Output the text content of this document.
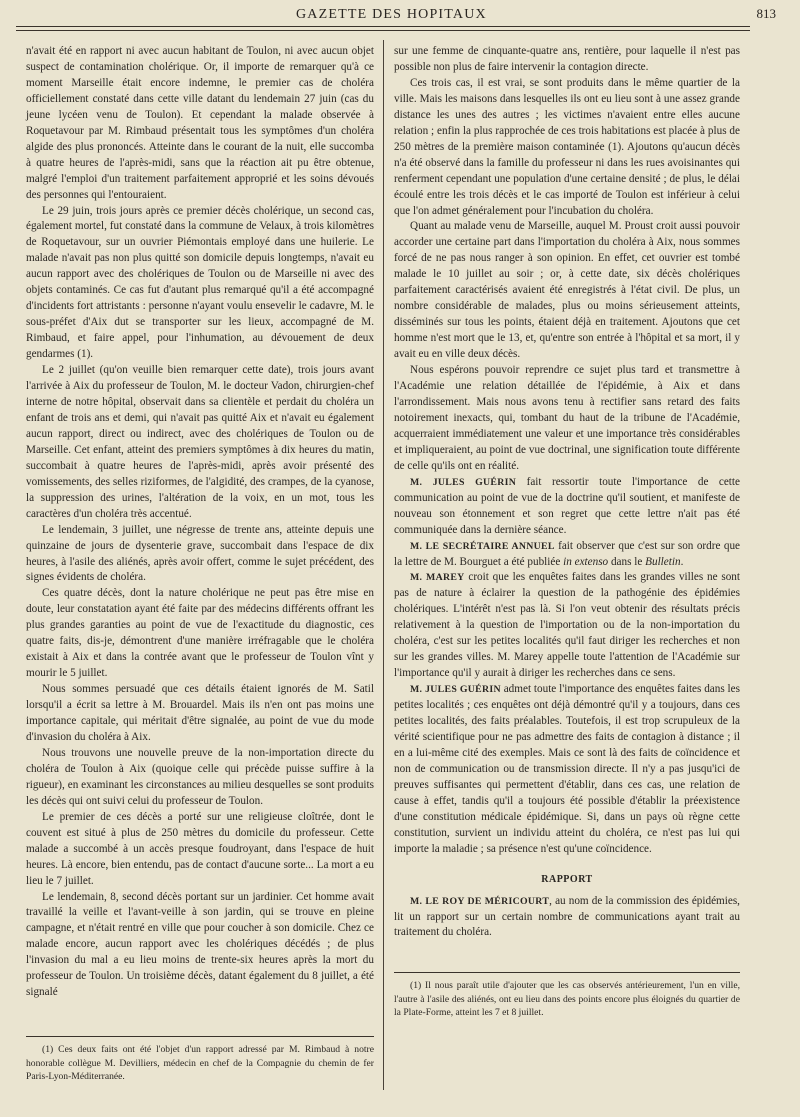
GAZETTE DES HOPITAUX	813

n'avait été en rapport ni avec aucun habitant de Toulon, ni avec aucun objet suspect de contamination cholérique. Or, il importe de remarquer qu'à ce moment Marseille était encore indemne, le premier cas de choléra officiellement constaté dans cette ville datant du lendemain 27 juin (cas du jeune lycéen venu de Toulon). Et cependant la malade observée à Roquetavour par M. Rimbaud présentait tous les symptômes d'un choléra algide des plus prononcés. Atteinte dans le courant de la nuit, elle succomba à quatre heures de l'après-midi, sans que la réaction ait pu être obtenue, malgré l'emploi d'un traitement parfaitement approprié et les soins dévoués des personnes qui l'entouraient.

Le 29 juin, trois jours après ce premier décès cholérique, un second cas, également mortel, fut constaté dans la commune de Velaux, à trois kilomètres de Roquetavour, sur un ouvrier Piémontais employé dans une huilerie. Le malade n'avait pas non plus quitté son domicile depuis longtemps, n'avait eu aucun rapport avec des cholériques de Toulon ou de Marseille ni avec des objets contaminés. Ce cas fut d'autant plus remarqué qu'il a été accompagné d'incidents fort attristants : personne n'ayant voulu ensevelir le cadavre, M. le sous-préfet d'Aix dut se transporter sur les lieux, accompagné de M. Rimbaud, et faire appel, pour l'inhumation, au dévouement de deux gendarmes (1).

Le 2 juillet (qu'on veuille bien remarquer cette date), trois jours avant l'arrivée à Aix du professeur de Toulon, M. le docteur Vadon, chirurgien-chef interne de notre hôpital, observait dans sa clientèle et perdait du choléra un enfant de trois ans et demi, qui n'avait pas quitté Aix et n'avait eu également aucun rapport, direct ou indirect, avec des cholériques de Toulon ou de Marseille. Cet enfant, atteint des premiers symptômes à dix heures du matin, succombait à quatre heures de l'après-midi, après avoir présenté des vomissements, des selles riziformes, de l'algidité, des crampes, de la cyanose, la suppression des urines, l'altération de la voix, en un mot, tous les caractères d'un choléra très accentué.

Le lendemain, 3 juillet, une négresse de trente ans, atteinte depuis une quinzaine de jours de dysenterie grave, succombait dans l'espace de dix heures, à l'asile des aliénés, après avoir offert, comme le sujet précédent, des signes évidents de choléra.

Ces quatre décès, dont la nature cholérique ne peut pas être mise en doute, leur constatation ayant été faite par des médecins différents offrant les plus grandes garanties au point de vue de l'exactitude du diagnostic, ces quatre faits, dis-je, démontrent d'une manière irréfragable que le choléra existait à Aix et dans la contrée avant que le professeur de Toulon vînt y mourir le 5 juillet.

Nous sommes persuadé que ces détails étaient ignorés de M. Satil lorsqu'il a écrit sa lettre à M. Brouardel. Mais ils n'en ont pas moins une importance capitale, qui méritait d'être signalée, au point de vue du mode d'invasion du choléra à Aix.

Nous trouvons une nouvelle preuve de la non-importation directe du choléra de Toulon à Aix (quoique celle qui précède puisse suffire à la rigueur), en examinant les circonstances au milieu desquelles se sont produits les décès qui ont suivi celui du professeur de Toulon.

Le premier de ces décès a porté sur une religieuse cloîtrée, dont le couvent est situé à plus de 250 mètres du domicile du professeur. Cette malade a succombé à un accès presque foudroyant, dans l'espace de huit heures. Là encore, bien entendu, pas de contact d'aucune sorte... La mort a eu lieu le 7 juillet.

Le lendemain, 8, second décès portant sur un jardinier. Cet homme avait travaillé la veille et l'avant-veille à son jardin, qui se trouve en pleine campagne, et n'était rentré en ville que pour coucher à son domicile. Chez ce malade encore, aucun rapport avec les cholériques décédés ; de plus l'invasion du mal a eu lieu moins de trente-six heures après la mort du professeur de Toulon. Un troisième décès, datant également du 8 juillet, a été signalé

(1) Ces deux faits ont été l'objet d'un rapport adressé par M. Rimbaud à notre honorable collègue M. Devilliers, médecin en chef de la Compagnie du chemin de fer Paris-Lyon-Méditerranée.

sur une femme de cinquante-quatre ans, rentière, pour laquelle il n'est pas possible non plus de faire intervenir la contagion directe.

Ces trois cas, il est vrai, se sont produits dans le même quartier de la ville. Mais les maisons dans lesquelles ils ont eu lieu sont à une assez grande distance les unes des autres ; les victimes n'avaient entre elles aucune relation ; enfin la plus rapprochée de ces trois habitations est placée à plus de 250 mètres de la première maison contaminée (1). Ajoutons qu'aucun décès n'a été observé dans la famille du professeur ni dans les rues avoisinantes qui renferment cependant une population d'une certaine densité ; de plus, le délai écoulé entre les trois décès et le cas importé de Toulon est inférieur à celui que l'on admet généralement pour l'incubation du choléra.

Quant au malade venu de Marseille, auquel M. Proust croit aussi pouvoir accorder une certaine part dans l'importation du choléra à Aix, nous sommes forcé de ne pas nous ranger à son opinion. En effet, cet ouvrier est tombé malade le 10 juillet au soir ; or, à cette date, six décès cholériques parfaitement caractérisés avaient été enregistrés à l'état civil. De plus, un nombre considérable de malades, plus ou moins sérieusement atteints, disséminés sur tous les points, étaient déjà en traitement. Ajoutons que cet homme n'est mort que le 13, et, qu'entre son entrée à l'hôpital et sa mort, il y avait eu en ville deux décès.

Nous espérons pouvoir reprendre ce sujet plus tard et transmettre à l'Académie une relation détaillée de l'épidémie, à Aix et dans l'arrondissement. Mais nous avons tenu à rectifier sans retard des faits notoirement inexacts, qui, tombant du haut de la tribune de l'Académie, acquerraient immédiatement une valeur et une importance très considérables et impliqueraient, au point de vue doctrinal, une signification toute différente de celle qu'ils ont en réalité.

M. JULES GUÉRIN fait ressortir toute l'importance de cette communication au point de vue de la doctrine qu'il soutient, et manifeste de nouveau son étonnement et son regret que cette lettre n'ait pas été communiquée dans la dernière séance.

M. LE SECRÉTAIRE ANNUEL fait observer que c'est sur son ordre que la lettre de M. Bourguet a été publiée in extenso dans le Bulletin.

M. MAREY croit que les enquêtes faites dans les grandes villes ne sont pas de nature à éclairer la question de la pathogénie des épidémies cholériques. L'intérêt n'est pas là. Si l'on veut obtenir des résultats précis relativement à la question de l'importation ou de la non-importation du choléra, c'est sur les petites localités qu'il faut diriger les recherches et non sur les grandes villes. M. Marey appelle toute l'attention de l'Académie sur l'importance qu'il y aurait à diriger les recherches dans ce sens.

M. JULES GUÉRIN admet toute l'importance des enquêtes faites dans les petites localités ; ces enquêtes ont déjà démontré qu'il y a toujours, dans ces petites localités, des faits préalables. Toutefois, il est trop scrupuleux de la vérité scientifique pour ne pas admettre des faits de contagion à distance ; il en a lui-même cité des exemples. Mais ce sont là des faits de coïncidence et non de communication ou de transmission directe. Il n'y a pas jusqu'ici de preuves suffisantes qui permettent d'établir, dans ces cas, une relation de cause à effet, tandis qu'il a toujours été possible d'établir la préexistence d'une constitution médicale épidémique. Si, dans un pays où règne cette constitution, survient un individu atteint du choléra, ce n'est pas lui qui importe la maladie ; sa présence n'est qu'une coïncidence.

RAPPORT

M. LE ROY DE MÉRICOURT, au nom de la commission des épidémies, lit un rapport sur un certain nombre de communications ayant trait au traitement du choléra.

(1) Il nous paraît utile d'ajouter que les cas observés antérieurement, l'un en ville, l'autre à l'asile des aliénés, ont eu lieu dans des points encore plus éloignés du quartier de la Plate-Forme, atteint les 7 et 8 juillet.
